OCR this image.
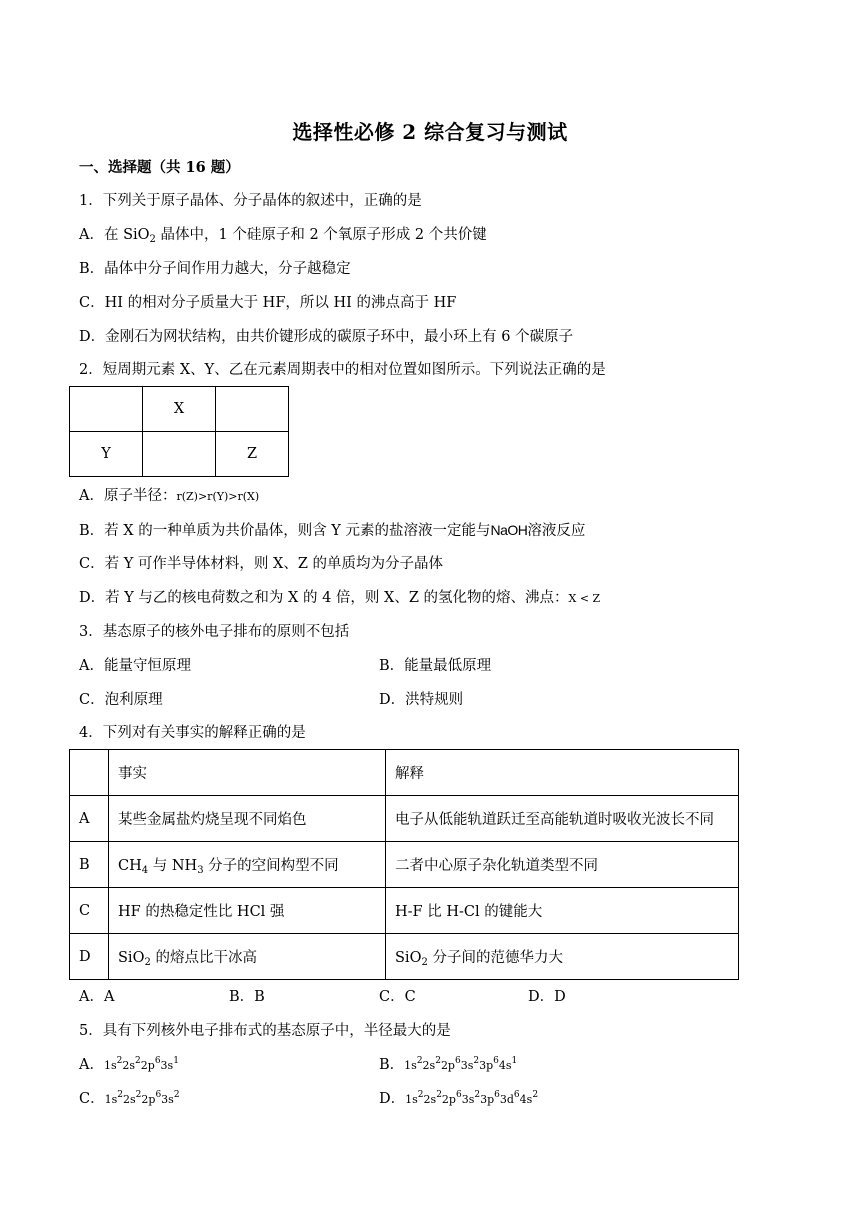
选择性必修 2 综合复习与测试
一、选择题（共 16 题）
1．下列关于原子晶体、分子晶体的叙述中，正确的是
A．在 SiO$_2$ 晶体中，1 个硅原子和 2 个氧原子形成 2 个共价键
B．晶体中分子间作用力越大，分子越稳定
C．HI 的相对分子质量大于 HF，所以 HI 的沸点高于 HF
D．金刚石为网状结构，由共价键形成的碳原子环中，最小环上有 6 个碳原子
2．短周期元素 X、Y、乙在元素周期表中的相对位置如图所示。下列说法正确的是
	X	
Y		Z
A．原子半径：r(Z)>r(Y)>r(X)
B．若 X 的一种单质为共价晶体，则含 Y 元素的盐溶液一定能与NaOH溶液反应
C．若 Y 可作半导体材料，则 X、Z 的单质均为分子晶体
D．若 Y 与乙的核电荷数之和为 X 的 4 倍，则 X、Z 的氢化物的熔、沸点：X < Z
3．基态原子的核外电子排布的原则不包括
A．能量守恒原理	B．能量最低原理
C．泡利原理	D．洪特规则
4．下列对有关事实的解释正确的是
	事实	解释
A	某些金属盐灼烧呈现不同焰色	电子从低能轨道跃迁至高能轨道时吸收光波长不同
B	$CH_4$ 与 $NH_3$ 分子的空间构型不同	二者中心原子杂化轨道类型不同
C	HF 的热稳定性比 HCl 强	H-F 比 H-Cl 的键能大
D	SiO$_2$ 的熔点比干冰高	SiO$_2$ 分子间的范德华力大
A．A	B．B	C．C	D．D
5．具有下列核外电子排布式的基态原子中，半径最大的是
A．$1s^22s^22p^63s^1$	B．$1s^22s^22p^63s^23p^64s^1$
C．$1s^22s^22p^63s^2$	D．$1s^22s^22p^63s^23p^63d^64s^2$
